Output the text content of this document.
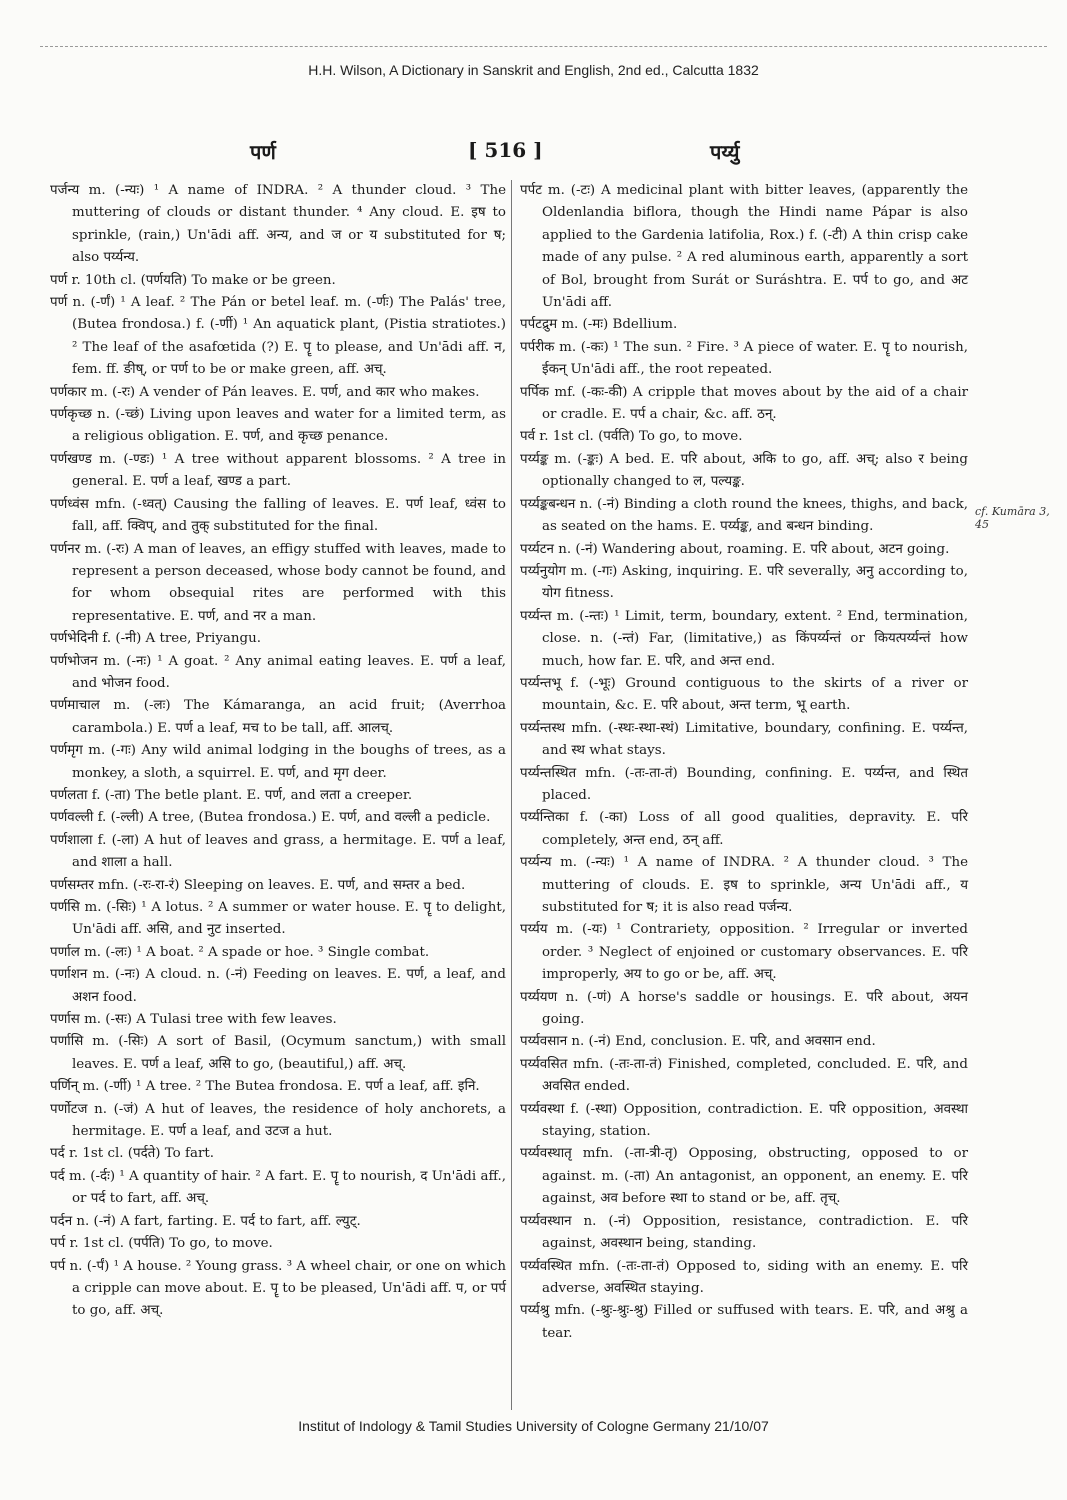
H.H. Wilson, A Dictionary in Sanskrit and English, 2nd ed., Calcutta 1832
पर्ण	[ 516 ]	पर्य्यु

पर्जन्य m. (-न्यः) ¹ A name of INDRA. ² A thunder cloud. ³ The muttering of clouds or distant thunder. ⁴ Any cloud. E. इष to sprinkle, (rain,) Un'ādi aff. अन्य, and ज or य substituted for ष; also पर्य्यन्य.

पर्ण r. 10th cl. (पर्णयति) To make or be green.

पर्ण n. (-र्णं) ¹ A leaf. ² The Pán or betel leaf. m. (-र्णः) The Palás' tree, (Butea frondosa.) f. (-र्णी) ¹ An aquatick plant, (Pistia stratiotes.) ² The leaf of the asafœtida (?) E. पॄ to please, and Un'ādi aff. न, fem. ff. ङीष्, or पर्ण to be or make green, aff. अच्.

पर्णकार m. (-रः) A vender of Pán leaves. E. पर्ण, and कार who makes.

पर्णकृच्छ n. (-च्छं) Living upon leaves and water for a limited term, as a religious obligation. E. पर्ण, and कृच्छ penance.

पर्णखण्ड m. (-ण्डः) ¹ A tree without apparent blossoms. ² A tree in general. E. पर्ण a leaf, खण्ड a part.

पर्णध्वंस mfn. (-ध्वत्) Causing the falling of leaves. E. पर्ण leaf, ध्वंस to fall, aff. क्विप्, and तुक् substituted for the final.

पर्णनर m. (-रः) A man of leaves, an effigy stuffed with leaves, made to represent a person deceased, whose body cannot be found, and for whom obsequial rites are performed with this representative. E. पर्ण, and नर a man.

पर्णभेदिनी f. (-नी) A tree, Priyangu.

पर्णभोजन m. (-नः) ¹ A goat. ² Any animal eating leaves. E. पर्ण a leaf, and भोजन food.

पर्णमाचाल m. (-लः) The Kámaranga, an acid fruit; (Averrhoa carambola.) E. पर्ण a leaf, मच to be tall, aff. आलच्.

पर्णमृग m. (-गः) Any wild animal lodging in the boughs of trees, as a monkey, a sloth, a squirrel. E. पर्ण, and मृग deer.

पर्णलता f. (-ता) The betle plant. E. पर्ण, and लता a creeper.

पर्णवल्ली f. (-ल्ली) A tree, (Butea frondosa.) E. पर्ण, and वल्ली a pedicle.

पर्णशाला f. (-ला) A hut of leaves and grass, a hermitage. E. पर्ण a leaf, and शाला a hall.

पर्णसम्तर mfn. (-रः-रा-रं) Sleeping on leaves. E. पर्ण, and सम्तर a bed.

पर्णसि m. (-सिः) ¹ A lotus. ² A summer or water house. E. पॄ to delight, Un'ādi aff. असि, and नुट inserted.

पर्णाल m. (-लः) ¹ A boat. ² A spade or hoe. ³ Single combat.

पर्णाशन m. (-नः) A cloud. n. (-नं) Feeding on leaves. E. पर्ण, a leaf, and अशन food.

पर्णास m. (-सः) A Tulasi tree with few leaves.

पर्णासि m. (-सिः) A sort of Basil, (Ocymum sanctum,) with small leaves. E. पर्ण a leaf, असि to go, (beautiful,) aff. अच्.

पर्णिन् m. (-र्णी) ¹ A tree. ² The Butea frondosa. E. पर्ण a leaf, aff. इनि.

पर्णोटज n. (-जं) A hut of leaves, the residence of holy anchorets, a hermitage. E. पर्ण a leaf, and उटज a hut.

पर्द r. 1st cl. (पर्दते) To fart.

पर्द m. (-र्दः) ¹ A quantity of hair. ² A fart. E. पॄ to nourish, द Un'ādi aff., or पर्द to fart, aff. अच्.

पर्दन n. (-नं) A fart, farting. E. पर्द to fart, aff. ल्युट्.

पर्प r. 1st cl. (पर्पति) To go, to move.

पर्प n. (-र्पं) ¹ A house. ² Young grass. ³ A wheel chair, or one on which a cripple can move about. E. पॄ to be pleased, Un'ādi aff. प, or पर्प to go, aff. अच्.

पर्पट m. (-टः) A medicinal plant with bitter leaves, (apparently the Oldenlandia biflora, though the Hindi name Pápar is also applied to the Gardenia latifolia, Rox.) f. (-टी) A thin crisp cake made of any pulse. ² A red aluminous earth, apparently a sort of Bol, brought from Surát or Suráshtra. E. पर्प to go, and अट Un'ādi aff.

पर्पटद्रुम m. (-मः) Bdellium.

पर्परीक m. (-कः) ¹ The sun. ² Fire. ³ A piece of water. E. पॄ to nourish, ईकन् Un'ādi aff., the root repeated.

पर्पिक mf. (-कः-की) A cripple that moves about by the aid of a chair or cradle. E. पर्प a chair, &c. aff. ठन्.

पर्व r. 1st cl. (पर्वति) To go, to move.

पर्य्यङ्क m. (-ङ्कः) A bed. E. परि about, अकि to go, aff. अच्; also र being optionally changed to ल, पल्यङ्क.

पर्य्यङ्कबन्धन n. (-नं) Binding a cloth round the knees, thighs, and back, as seated on the hams. E. पर्य्यङ्क, and बन्धन binding.

पर्य्यटन n. (-नं) Wandering about, roaming. E. परि about, अटन going.

पर्य्यनुयोग m. (-गः) Asking, inquiring. E. परि severally, अनु according to, योग fitness.

पर्य्यन्त m. (-न्तः) ¹ Limit, term, boundary, extent. ² End, termination, close. n. (-न्तं) Far, (limitative,) as किंपर्य्यन्तं or कियत्पर्य्यन्तं how much, how far. E. परि, and अन्त end.

पर्य्यन्तभू f. (-भूः) Ground contiguous to the skirts of a river or mountain, &c. E. परि about, अन्त term, भू earth.

पर्य्यन्तस्थ mfn. (-स्थः-स्था-स्थं) Limitative, boundary, confining. E. पर्य्यन्त, and स्थ what stays.

पर्य्यन्तस्थित mfn. (-तः-ता-तं) Bounding, confining. E. पर्य्यन्त, and स्थित placed.

पर्य्यन्तिका f. (-का) Loss of all good qualities, depravity. E. परि completely, अन्त end, ठन् aff.

पर्य्यन्य m. (-न्यः) ¹ A name of INDRA. ² A thunder cloud. ³ The muttering of clouds. E. इष to sprinkle, अन्य Un'ādi aff., य substituted for ष; it is also read पर्जन्य.

पर्य्यय m. (-यः) ¹ Contrariety, opposition. ² Irregular or inverted order. ³ Neglect of enjoined or customary observances. E. परि improperly, अय to go or be, aff. अच्.

पर्य्ययण n. (-णं) A horse's saddle or housings. E. परि about, अयन going.

पर्य्यवसान n. (-नं) End, conclusion. E. परि, and अवसान end.

पर्य्यवसित mfn. (-तः-ता-तं) Finished, completed, concluded. E. परि, and अवसित ended.

पर्य्यवस्था f. (-स्था) Opposition, contradiction. E. परि opposition, अवस्था staying, station.

पर्य्यवस्थातृ mfn. (-ता-त्री-तृ) Opposing, obstructing, opposed to or against. m. (-ता) An antagonist, an opponent, an enemy. E. परि against, अव before स्था to stand or be, aff. तृच्.

पर्य्यवस्थान n. (-नं) Opposition, resistance, contradiction. E. परि against, अवस्थान being, standing.

पर्य्यवस्थित mfn. (-तः-ता-तं) Opposed to, siding with an enemy. E. परि adverse, अवस्थित staying.

पर्य्यश्रु mfn. (-श्रुः-श्रुः-श्रु) Filled or suffused with tears. E. परि, and अश्रु a tear.

cf. Kumāra 3, 45
Institut of Indology & Tamil Studies University of Cologne Germany 21/10/07
